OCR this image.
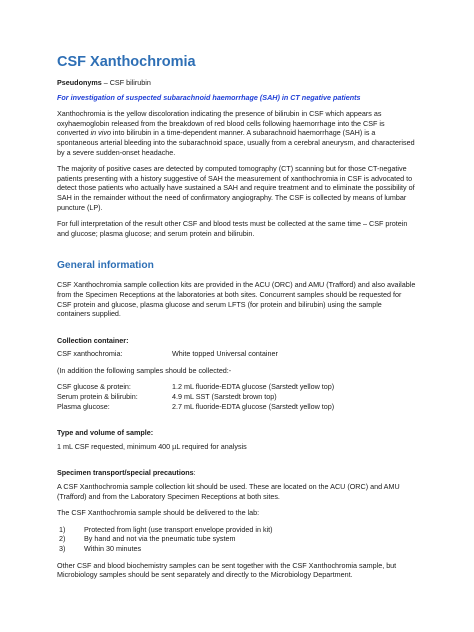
CSF Xanthochromia
Pseudonyms – CSF bilirubin
For investigation of suspected subarachnoid haemorrhage (SAH) in CT negative patients
Xanthochromia is the yellow discoloration indicating the presence of bilirubin in CSF which appears as oxyhaemoglobin released from the breakdown of red blood cells following haemorrhage into the CSF is converted in vivo into bilirubin in a time-dependent manner. A subarachnoid haemorrhage (SAH) is a spontaneous arterial bleeding into the subarachnoid space, usually from a cerebral aneurysm, and characterised by a severe sudden-onset headache.
The majority of positive cases are detected by computed tomography (CT) scanning but for those CT-negative patients presenting with a history suggestive of SAH the measurement of xanthochromia in CSF is advocated to detect those patients who actually have sustained a SAH and require treatment and to eliminate the possibility of SAH in the remainder without the need of confirmatory angiography. The CSF is collected by means of lumbar puncture (LP).
For full interpretation of the result other CSF and blood tests must be collected at the same time – CSF protein and glucose; plasma glucose; and serum protein and bilirubin.
General information
CSF Xanthochromia sample collection kits are provided in the ACU (ORC) and AMU (Trafford) and also available from the Specimen Receptions at the laboratories at both sites. Concurrent samples should be requested for CSF protein and glucose, plasma glucose and serum LFTS (for protein and bilirubin) using the sample containers supplied.
Collection container:
CSF xanthochromia:	White topped Universal container
(In addition the following samples should be collected:-
CSF glucose & protein:	1.2 mL fluoride-EDTA glucose (Sarstedt yellow top)
Serum protein & bilirubin:	4.9 mL SST (Sarstedt brown top)
Plasma glucose:	2.7 mL fluoride-EDTA glucose (Sarstedt yellow top)
Type and volume of sample:
1 mL CSF requested, minimum 400 µL required for analysis
Specimen transport/special precautions:
A CSF Xanthochromia sample collection kit should be used. These are located on the ACU (ORC) and AMU (Trafford) and from the Laboratory Specimen Receptions at both sites.
The CSF Xanthochromia sample should be delivered to the lab:
1)	Protected from light (use transport envelope provided in kit)
2)	By hand and not via the pneumatic tube system
3)	Within 30 minutes
Other CSF and blood biochemistry samples can be sent together with the CSF Xanthochromia sample, but Microbiology samples should be sent separately and directly to the Microbiology Department.
